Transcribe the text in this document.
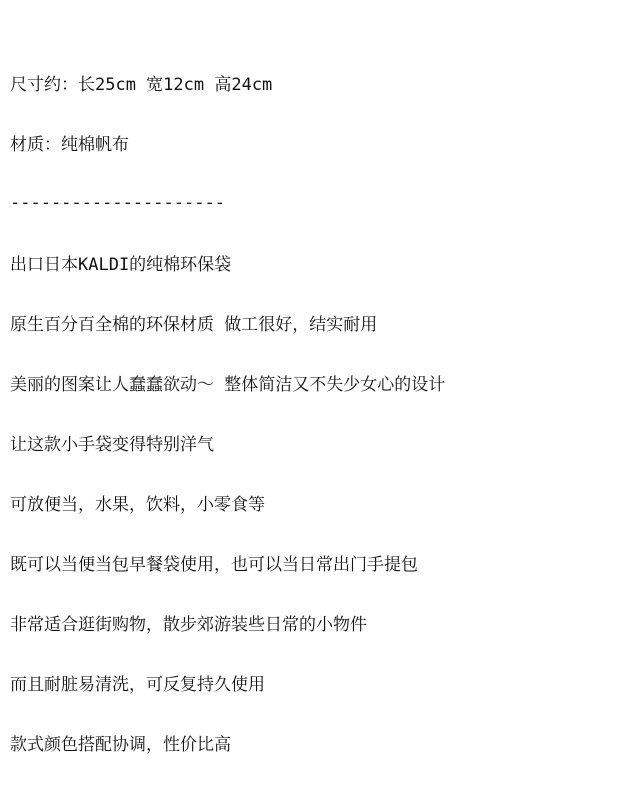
尺寸约：长25cm 宽12cm 高24cm
材质：纯棉帆布
---------------------
出口日本KALDI的纯棉环保袋
原生百分百全棉的环保材质 做工很好，结实耐用
美丽的图案让人蠢蠢欲动～ 整体简洁又不失少女心的设计
让这款小手袋变得特别洋气
可放便当，水果，饮料，小零食等
既可以当便当包早餐袋使用，也可以当日常出门手提包
非常适合逛街购物，散步郊游装些日常的小物件
而且耐脏易清洗，可反复持久使用
款式颜色搭配协调，性价比高
